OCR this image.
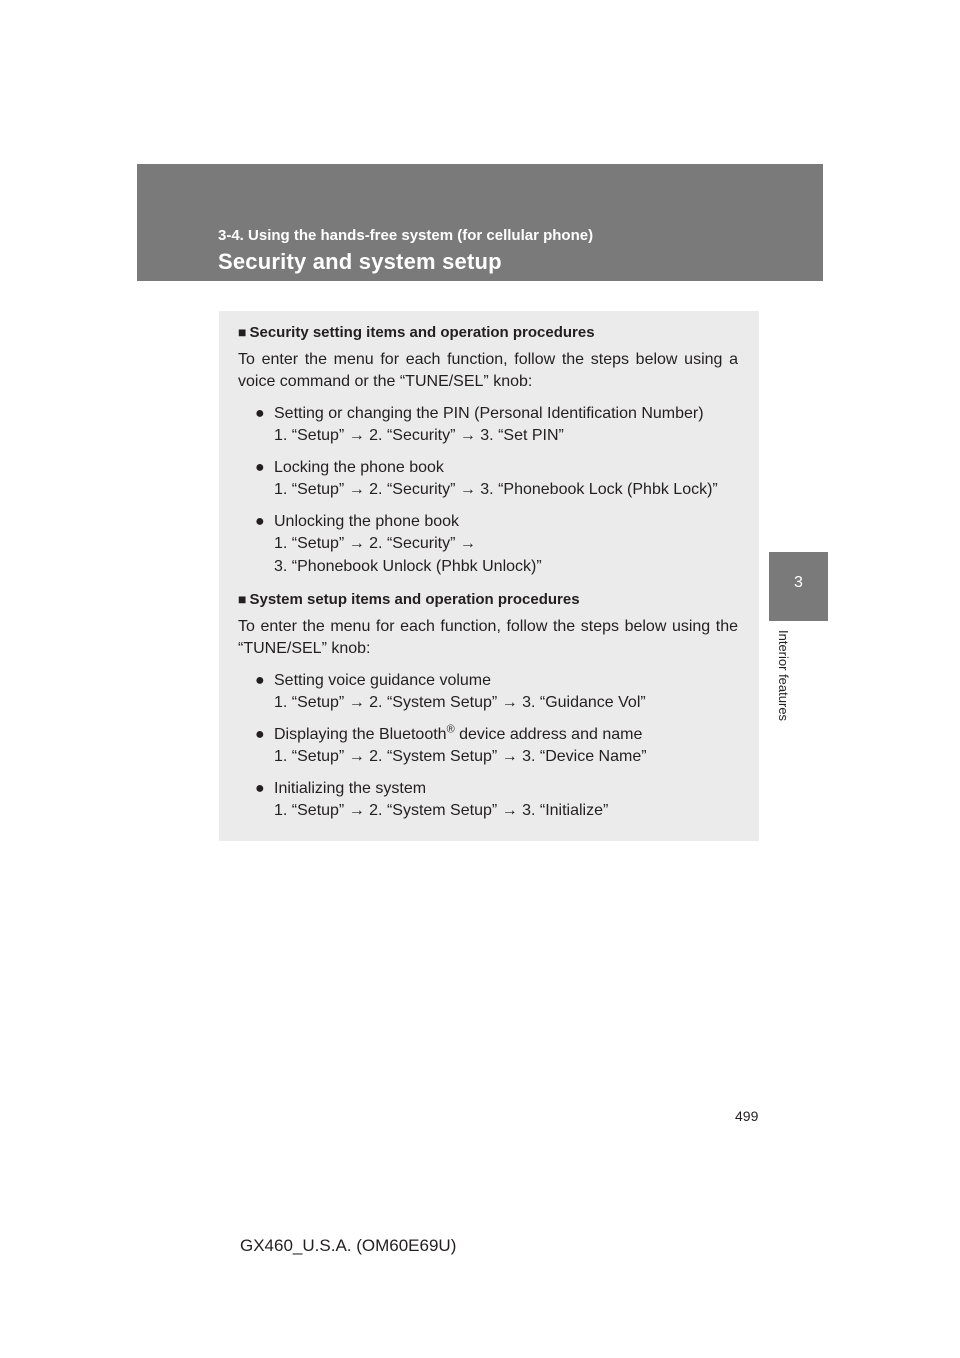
3-4. Using the hands-free system (for cellular phone)
Security and system setup
3
Interior features

■ Security setting items and operation procedures

To enter the menu for each function, follow the steps below using a voice command or the “TUNE/SEL” knob:

● Setting or changing the PIN (Personal Identification Number)
1. “Setup” → 2. “Security” → 3. “Set PIN”
● Locking the phone book
1. “Setup” → 2. “Security” → 3. “Phonebook Lock (Phbk Lock)”
● Unlocking the phone book
1. “Setup” → 2. “Security” →
3. “Phonebook Unlock (Phbk Unlock)”

■ System setup items and operation procedures

To enter the menu for each function, follow the steps below using the “TUNE/SEL” knob:

● Setting voice guidance volume
1. “Setup” → 2. “System Setup” → 3. “Guidance Vol”
● Displaying the Bluetooth® device address and name
1. “Setup” → 2. “System Setup” → 3. “Device Name”
● Initializing the system
1. “Setup” → 2. “System Setup” → 3. “Initialize”
499
GX460_U.S.A. (OM60E69U)
